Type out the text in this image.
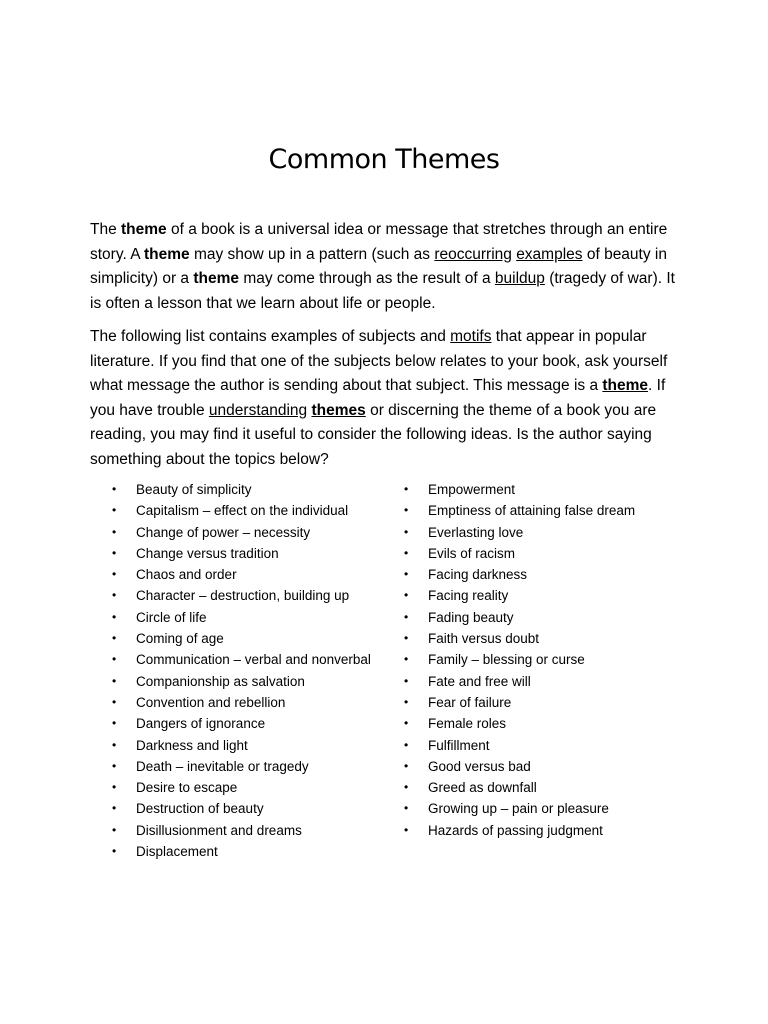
Common Themes

The theme of a book is a universal idea or message that stretches through an entire story. A theme may show up in a pattern (such as reoccurring examples of beauty in simplicity) or a theme may come through as the result of a buildup (tragedy of war). It is often a lesson that we learn about life or people.

The following list contains examples of subjects and motifs that appear in popular literature. If you find that one of the subjects below relates to your book, ask yourself what message the author is sending about that subject. This message is a theme. If you have trouble understanding themes or discerning the theme of a book you are reading, you may find it useful to consider the following ideas. Is the author saying something about the topics below?

•	Beauty of simplicity
•	Capitalism – effect on the individual
•	Change of power – necessity
•	Change versus tradition
•	Chaos and order
•	Character – destruction, building up
•	Circle of life
•	Coming of age
•	Communication – verbal and nonverbal
•	Companionship as salvation
•	Convention and rebellion
•	Dangers of ignorance
•	Darkness and light
•	Death – inevitable or tragedy
•	Desire to escape
•	Destruction of beauty
•	Disillusionment and dreams
•	Displacement
•	Empowerment
•	Emptiness of attaining false dream
•	Everlasting love
•	Evils of racism
•	Facing darkness
•	Facing reality
•	Fading beauty
•	Faith versus doubt
•	Family – blessing or curse
•	Fate and free will
•	Fear of failure
•	Female roles
•	Fulfillment
•	Good versus bad
•	Greed as downfall
•	Growing up – pain or pleasure
•	Hazards of passing judgment
